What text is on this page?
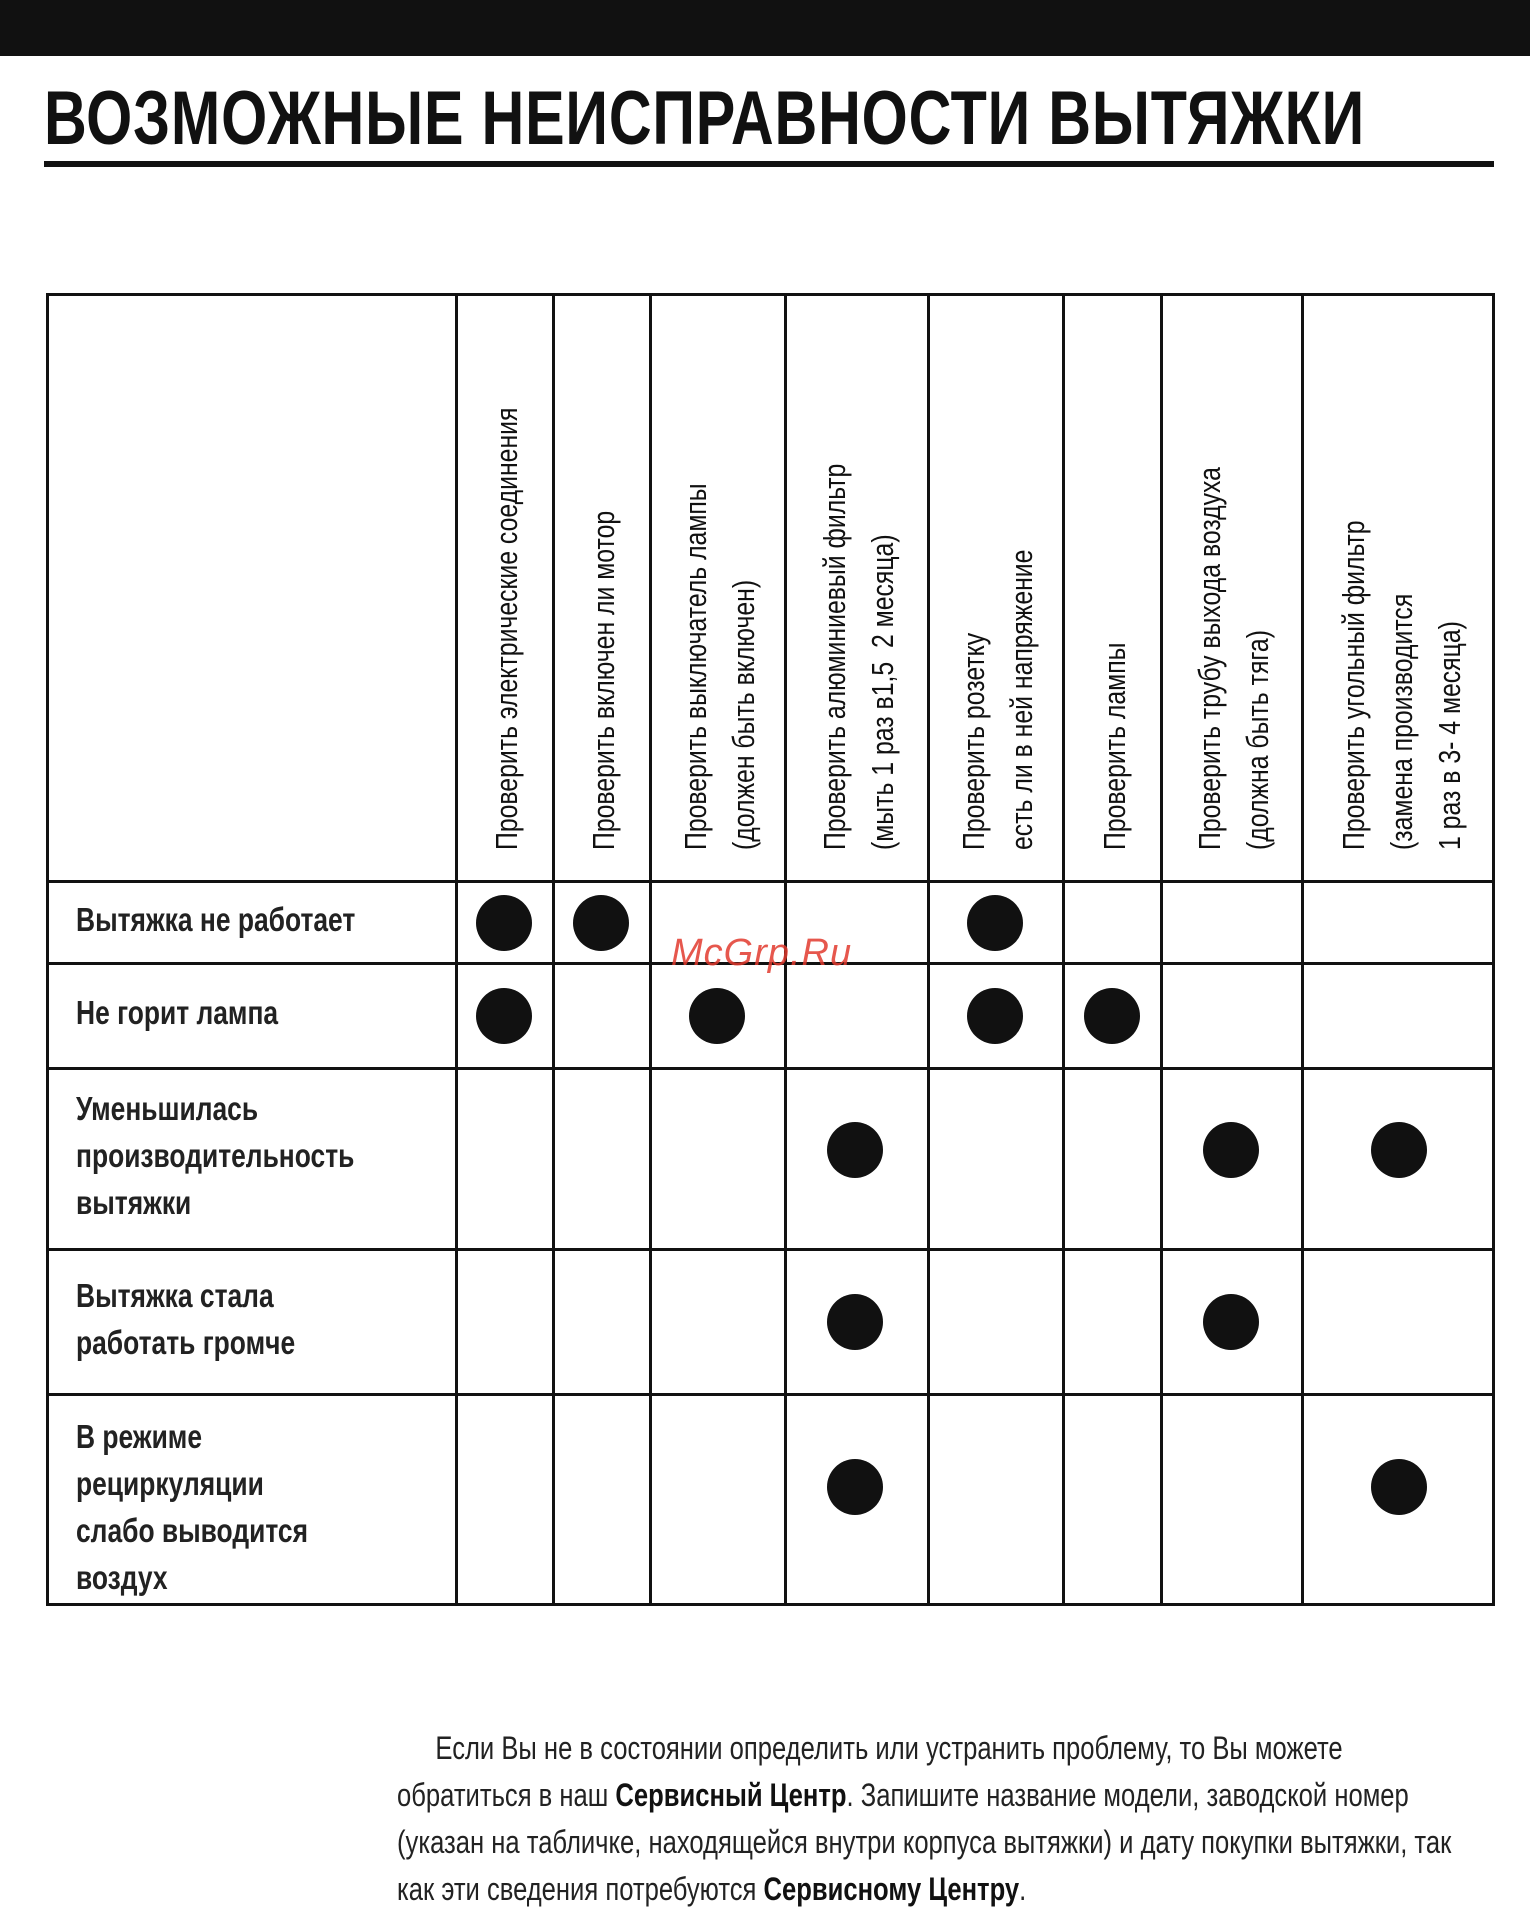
ВОЗМОЖНЫЕ НЕИСПРАВНОСТИ ВЫТЯЖКИ
Проверить электрические соединения Проверить включен ли мотор Проверить выключатель лампы
(должен быть включен)
Проверить алюминиевый фильтр
(мыть 1 раз в1,5  2 месяца)
Проверить розетку
есть ли в ней напряжение
Проверить лампы Проверить трубу выхода воздуха
(должна быть тяга)
Проверить угольный фильтр
(замена производится
1 раз в 3- 4 месяца)
Вытяжка не работает
Не горит лампа
Уменьшилась
производительность
вытяжки
Вытяжка стала
работать громче
В режиме
рециркуляции
слабо выводится
воздух
McGrp.Ru

Если Вы не в состоянии определить или устранить проблему, то Вы можете обратиться в наш Сервисный Центр. Запишите название модели, заводской номер (указан на табличке, находящейся внутри корпуса вытяжки) и дату покупки вытяжки, так как эти сведения потребуются Сервисному Центру.
